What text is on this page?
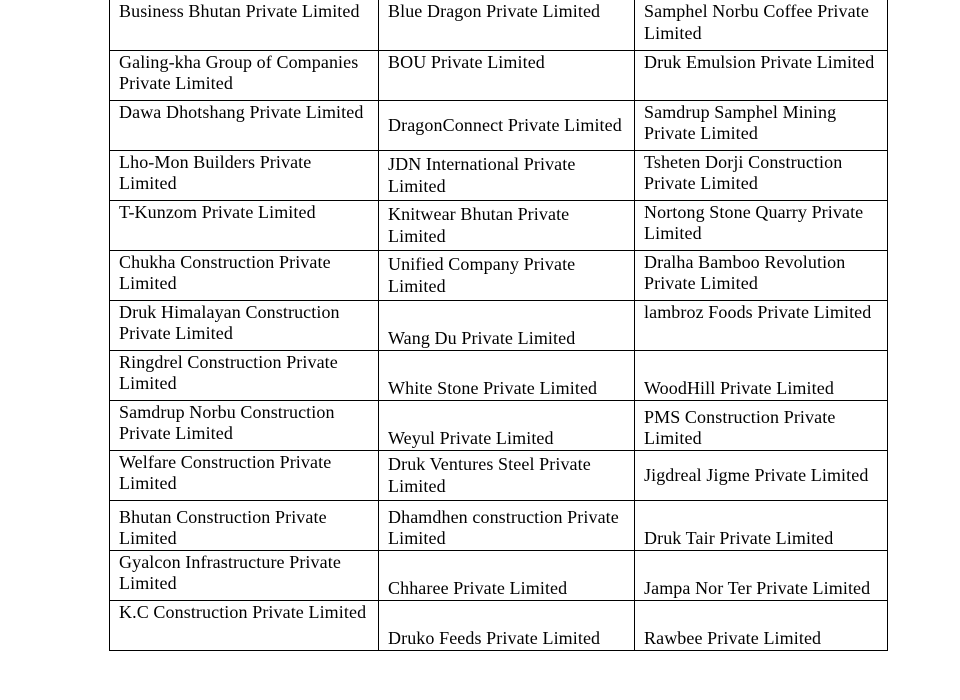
Business Bhutan Private Limited	Blue Dragon Private Limited	Samphel Norbu Coffee Private Limited
Galing-kha Group of Companies Private Limited	BOU Private Limited	Druk Emulsion Private Limited
Dawa Dhotshang Private Limited	DragonConnect Private Limited	Samdrup Samphel Mining Private Limited
Lho-Mon Builders Private Limited	JDN International Private Limited	Tsheten Dorji Construction Private Limited
T-Kunzom Private Limited	Knitwear Bhutan Private Limited	Nortong Stone Quarry Private Limited
Chukha Construction Private Limited	Unified Company Private Limited	Dralha Bamboo Revolution Private Limited
Druk Himalayan Construction Private Limited	Wang Du Private Limited	lambroz Foods Private Limited
Ringdrel Construction Private Limited	White Stone Private Limited	WoodHill Private Limited
Samdrup Norbu Construction Private Limited	Weyul Private Limited	PMS Construction Private Limited
Welfare Construction Private Limited	Druk Ventures Steel Private Limited	Jigdreal Jigme Private Limited
Bhutan Construction Private Limited	Dhamdhen construction Private Limited	Druk Tair Private Limited
Gyalcon Infrastructure Private Limited	Chharee Private Limited	Jampa Nor Ter Private Limited
K.C Construction Private Limited	Druko Feeds Private Limited	Rawbee Private Limited
